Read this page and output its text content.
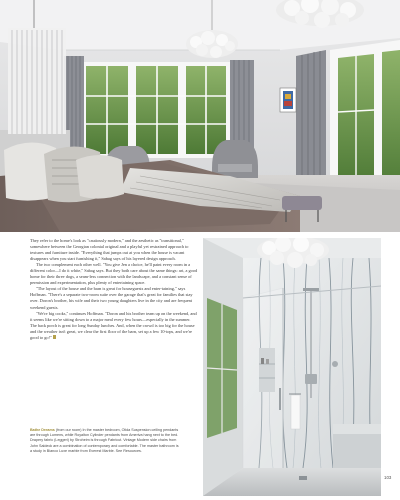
They refer to the home's look as "cautiously modern," and the aesthetic as "transitional," somewhere between the Georgian colonial original and a playful yet restrained approach to textures and furniture inside. "Everything that jumps out at you when the house is vacant disappears when you start furnishing it," Sabag says of his layered design approach.

The two complement each other well. "You give Jen a choice, he'll paint every room in a different color—I do it white," Sabag says. But they both care about the same things: art, a good home for their three dogs, a seam-less connection with the landscape, and a constant sense of permission and experimentation, plus plenty of entertaining space.

"The layout of the house and the barn is great for houseguests and enter-taining," says Hoffman. "There's a separate two-room suite over the garage that's great for families that stay over. Doron's brother, his wife and their two young daughters live in the city and are frequent weekend guests.

"We're big cooks," continues Hoffman. "Doron and his brother team up on the weekend, and it seems like we're sitting down to a major meal every few hours—especially in the summer. The back porch is great for long Sunday lunches. And, when the crowd is too big for the house and the weather isn't great, we clear the first floor of the barn, set up a few 10-tops, and we're good to go!"

Bathe Dreams (from our room) In the master bedroom, Olida Suspension ceiling pendants are through Lumens, while Royalton Cylinder pendants from Ameriva hang next to the bed. Drapery fabric (Leggeri) by Stroheim is through Fabricut. Vintage Modern side chairs from John Saldeck are a combination of contemporary and comfortable. The master bathroom is a study in Bianco Luxe marble from Everest Marble. See Resources.

103
